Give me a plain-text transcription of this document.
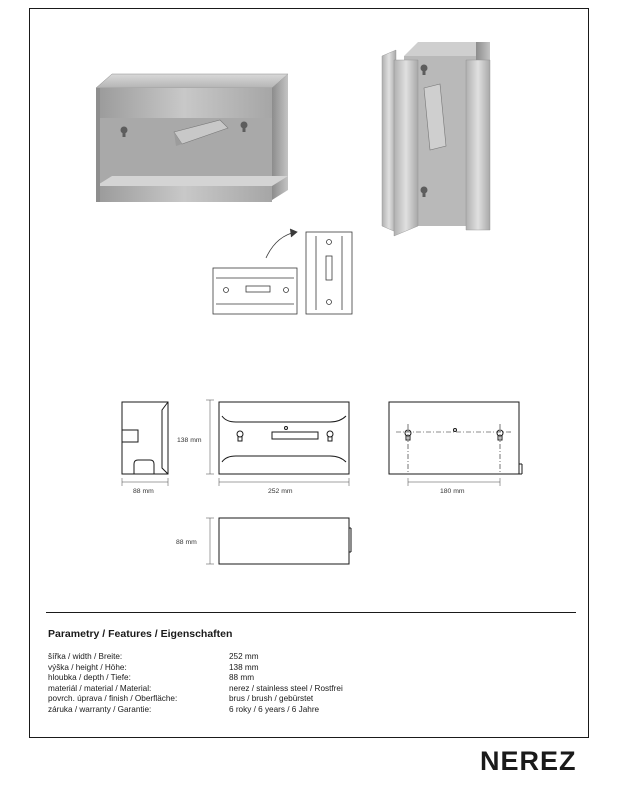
138 mm
88 mm	252 mm	180 mm
88 mm
Parametry / Features / Eigenschaften
šířka / width / Breite:	252 mm
výška / height / Höhe:	138 mm
hloubka / depth / Tiefe:	88 mm
materiál / material / Material:	nerez / stainless steel / Rostfrei
povrch. úprava / finish / Oberfläche:	brus / brush / gebürstet
záruka / warranty / Garantie:	6 roky / 6 years / 6 Jahre
NEREZ
